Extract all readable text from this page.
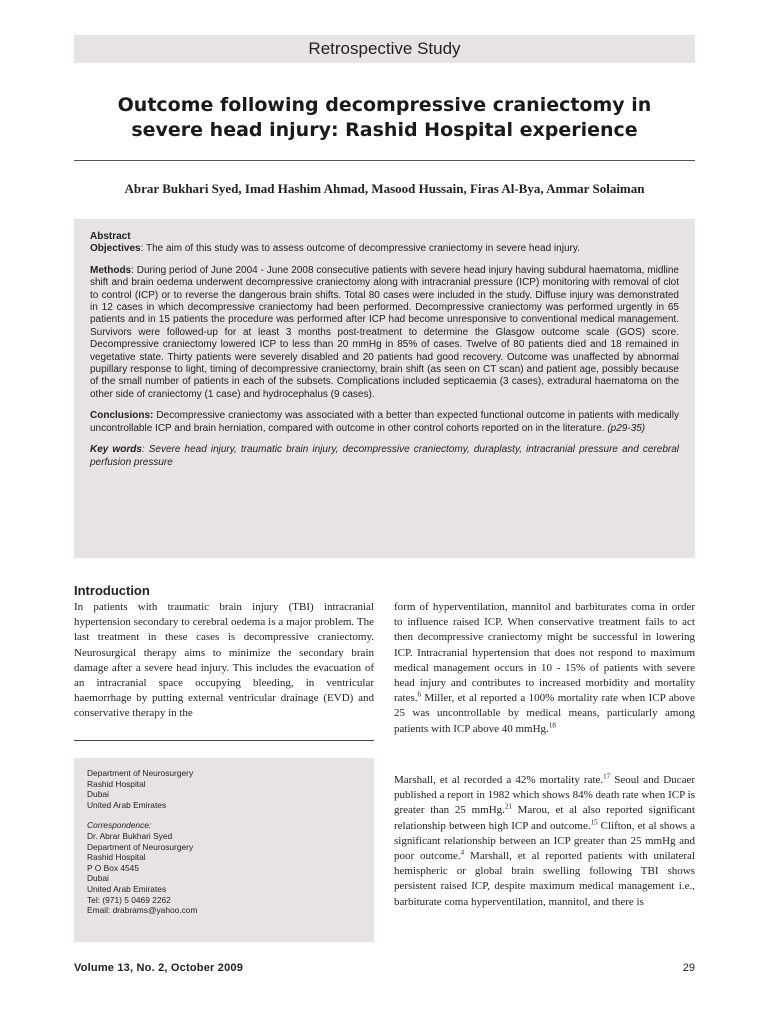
Retrospective Study
Outcome following decompressive craniectomy in
severe head injury: Rashid Hospital experience
Abrar Bukhari Syed, Imad Hashim Ahmad, Masood Hussain, Firas Al-Bya, Ammar Solaiman
Abstract

Objectives: The aim of this study was to assess outcome of decompressive craniectomy in severe head injury.

Methods: During period of June 2004 - June 2008 consecutive patients with severe head injury having subdural haematoma, midline shift and brain oedema underwent decompressive craniectomy along with intracranial pressure (ICP) monitoring with removal of clot to control (ICP) or to reverse the dangerous brain shifts. Total 80 cases were included in the study. Diffuse injury was demonstrated in 12 cases in which decompressive craniectomy had been performed. Decompressive craniectomy was performed urgently in 65 patients and in 15 patients the procedure was performed after ICP had become unresponsive to conventional medical management. Survivors were followed-up for at least 3 months post-treatment to determine the Glasgow outcome scale (GOS) score. Decompressive craniectomy lowered ICP to less than 20 mmHg in 85% of cases. Twelve of 80 patients died and 18 remained in vegetative state. Thirty patients were severely disabled and 20 patients had good recovery. Outcome was unaffected by abnormal pupillary response to light, timing of decompressive craniectomy, brain shift (as seen on CT scan) and patient age, possibly because of the small number of patients in each of the subsets. Complications included septicaemia (3 cases), extradural haematoma on the other side of craniectomy (1 case) and hydrocephalus (9 cases).

Conclusions: Decompressive craniectomy was associated with a better than expected functional outcome in patients with medically uncontrollable ICP and brain herniation, compared with outcome in other control cohorts reported on in the literature. (p29-35)

Key words: Severe head injury, traumatic brain injury, decompressive craniectomy, duraplasty, intracranial pressure and cerebral perfusion pressure

Introduction

In patients with traumatic brain injury (TBI) intracranial hypertension secondary to cerebral oedema is a major problem. The last treatment in these cases is decompressive craniectomy. Neurosurgical therapy aims to minimize the secondary brain damage after a severe head injury. This includes the evacuation of an intracranial space occupying bleeding, in ventricular haemorrhage by putting external ventricular drainage (EVD) and conservative therapy in the

form of hyperventilation, mannitol and barbiturates coma in order to influence raised ICP. When conservative treatment fails to act then decompressive craniectomy might be successful in lowering ICP. Intracranial hypertension that does not respond to maximum medical management occurs in 10 - 15% of patients with severe head injury and contributes to increased morbidity and mortality rates.$^6$ Miller, et al reported a 100% mortality rate when ICP above 25 was uncontrollable by medical means, particularly among patients with ICP above 40 mmHg.$^{18}$

Marshall, et al recorded a 42% mortality rate.$^{17}$ Seoul and Ducaer published a report in 1982 which shows 84% death rate when ICP is greater than 25 mmHg.$^{21}$ Marou, et al also reported significant relationship between high ICP and outcome.$^{15}$ Clifton, et al shows a significant relationship between an ICP greater than 25 mmHg and poor outcome.$^4$ Marshall, et al reported patients with unilateral hemispheric or global brain swelling following TBI shows persistent raised ICP, despite maximum medical management i.e., barbiturate coma hyperventilation, mannitol, and there is

Department of Neurosurgery
Rashid Hospital
Dubai
United Arab Emirates
Correspondence:
Dr. Abrar Bukhari Syed
Department of Neurosurgery
Rashid Hospital
P O Box 4545
Dubai
United Arab Emirates
Tel: (971) 5 0469 2262
Email: drabrams@yahoo.com
Volume 13, No. 2, October 2009	29
